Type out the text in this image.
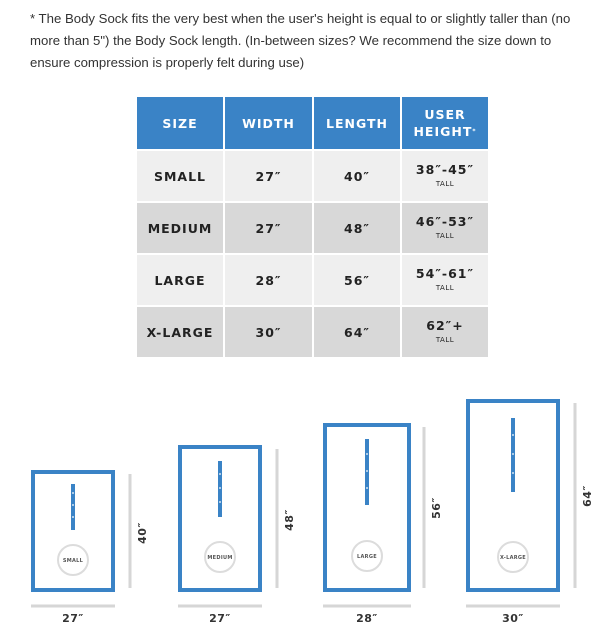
* The Body Sock fits the very best when the user's height is equal to or slightly taller than (no more than 5") the Body Sock length. (In-between sizes? We recommend the size down to ensure compression is properly felt during use)
SIZE	WIDTH	LENGTH	USER
HEIGHT*

SMALL	27″	40″	38″-45″
TALL

MEDIUM	27″	48″	46″-53″
TALL

LARGE	28″	56″	54″-61″
TALL

X-LARGE	30″	64″	62″+
TALL
SMALL
40″
27″
MEDIUM
48″
27″
LARGE
56″
28″
X-LARGE
64″
30″
